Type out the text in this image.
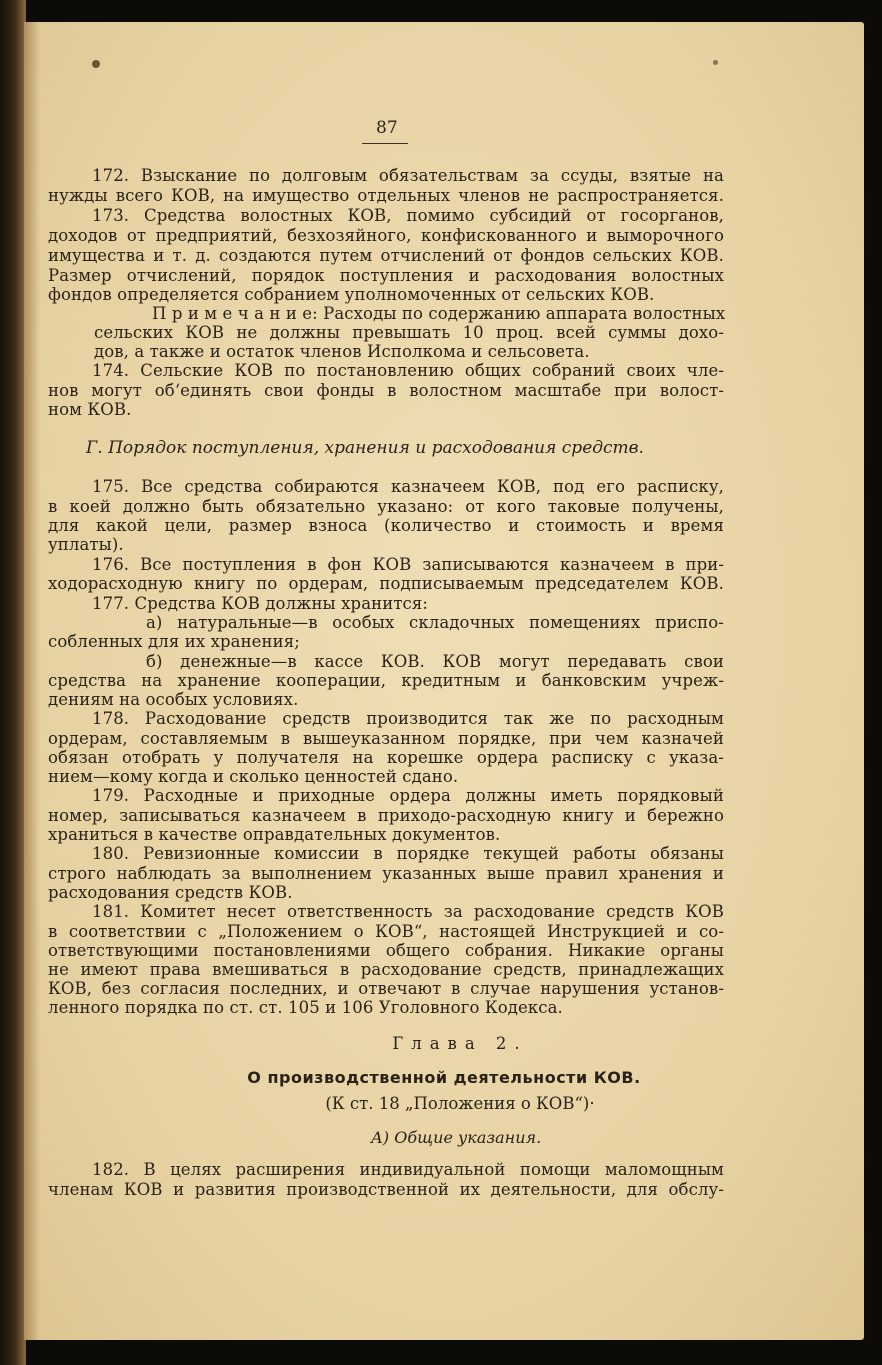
87
172. Взыскание по долговым обязательствам за ссуды, взятые на
нужды всего КОВ, на имущество отдельных членов не распространяется.
173. Средства волостных КОВ, помимо субсидий от госорганов,
доходов от предприятий, безхозяйного, конфискованного и выморочного
имущества и т. д. создаются путем отчислений от фондов сельских КОВ.
Размер отчислений, порядок поступления и расходования волостных
фондов определяется собранием уполномоченных от сельских КОВ.
П р и м е ч а н и е: Расходы по содержанию аппарата волостных
сельских КОВ не должны превышать 10 проц. всей суммы дохо-
дов, а также и остаток членов Исполкома и сельсовета.
174. Сельские КОВ по постановлению общих собраний своих чле-
нов могут об‘единять свои фонды в волостном масштабе при волост-
ном КОВ.
Г. Порядок поступления, хранения и расходования средств.
175. Все средства собираются казначеем КОВ, под его расписку,
в коей должно быть обязательно указано: от кого таковые получены,
для какой цели, размер взноса (количество и стоимость и время
уплаты).
176. Все поступления в фон КОВ записываются казначеем в при-
ходорасходную книгу по ордерам, подписываемым председателем КОВ.
177. Средства КОВ должны хранится:
а) натуральные—в особых складочных помещениях приспо-
собленных для их хранения;
б) денежные—в кассе КОВ. КОВ могут передавать свои
средства на хранение кооперации, кредитным и банковским учреж-
дениям на особых условиях.
178. Расходование средств производится так же по расходным
ордерам, составляемым в вышеуказанном порядке, при чем казначей
обязан отобрать у получателя на корешке ордера расписку с указа-
нием—кому когда и сколько ценностей сдано.
179. Расходные и приходные ордера должны иметь порядковый
номер, записываться казначеем в приходо-расходную книгу и бережно
храниться в качестве оправдательных документов.
180. Ревизионные комиссии в порядке текущей работы обязаны
строго наблюдать за выполнением указанных выше правил хранения и
расходования средств КОВ.
181. Комитет несет ответственность за расходование средств КОВ
в соответствии с „Положением о КОВ“, настоящей Инструкцией и со-
ответствующими постановлениями общего собрания. Никакие органы
не имеют права вмешиваться в расходование средств, принадлежащих
КОВ, без согласия последних, и отвечают в случае нарушения установ-
ленного порядка по ст. ст. 105 и 106 Уголовного Кодекса.
Глава 2.
О производственной деятельности КОВ.
(К ст. 18 „Положения о КОВ“)·
А) Общие указания.
182. В целях расширения индивидуальной помощи маломощным
членам КОВ и развития производственной их деятельности, для обслу-
